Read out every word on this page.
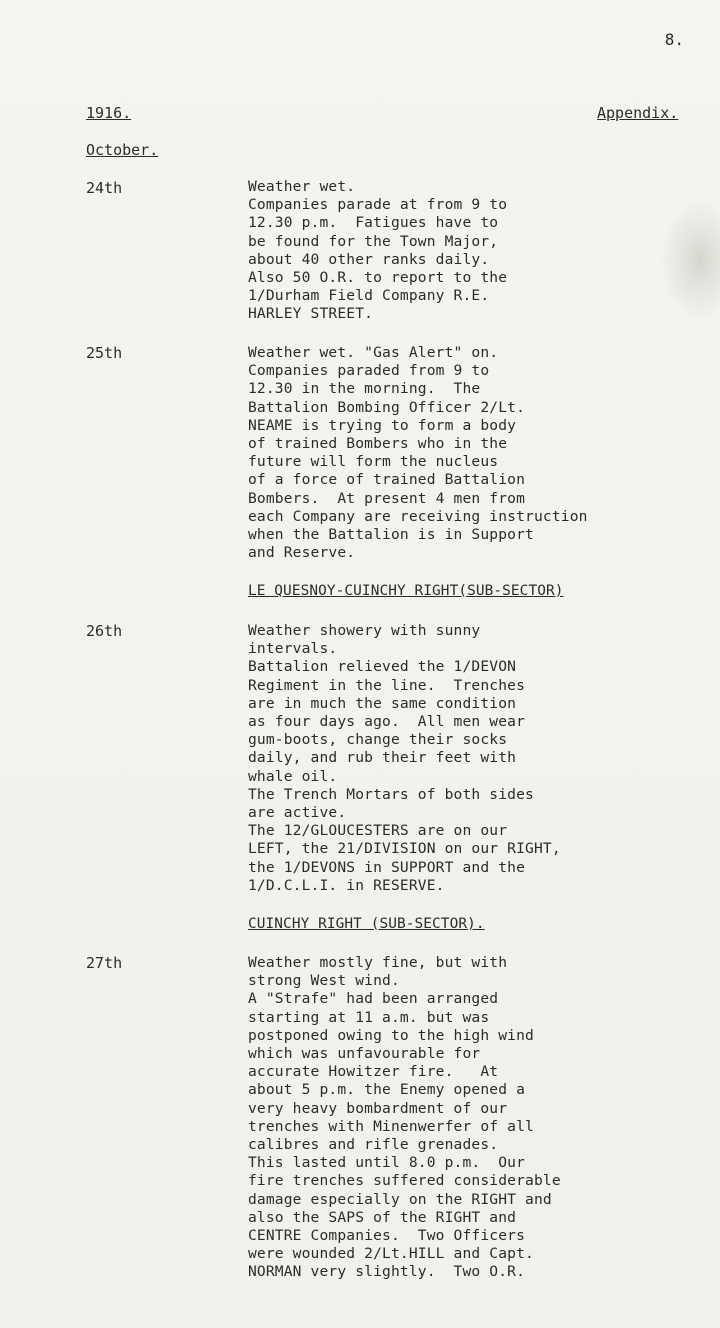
8.
1916.	Appendix.
October.
24th	Weather wet.
Companies parade at from 9 to
12.30 p.m.  Fatigues have to
be found for the Town Major,
about 40 other ranks daily.
Also 50 O.R. to report to the
1/Durham Field Company R.E.
HARLEY STREET.
25th	Weather wet. "Gas Alert" on.
Companies paraded from 9 to
12.30 in the morning.  The
Battalion Bombing Officer 2/Lt.
NEAME is trying to form a body
of trained Bombers who in the
future will form the nucleus
of a force of trained Battalion
Bombers.  At present 4 men from
each Company are receiving instruction
when the Battalion is in Support
and Reserve.
LE QUESNOY-CUINCHY RIGHT(SUB-SECTOR)
26th	Weather showery with sunny
intervals.
Battalion relieved the 1/DEVON
Regiment in the line.  Trenches
are in much the same condition
as four days ago.  All men wear
gum-boots, change their socks
daily, and rub their feet with
whale oil.
The Trench Mortars of both sides
are active.
The 12/GLOUCESTERS are on our
LEFT, the 21/DIVISION on our RIGHT,
the 1/DEVONS in SUPPORT and the
1/D.C.L.I. in RESERVE.
CUINCHY RIGHT (SUB-SECTOR).
27th	Weather mostly fine, but with
strong West wind.
A "Strafe" had been arranged
starting at 11 a.m. but was
postponed owing to the high wind
which was unfavourable for
accurate Howitzer fire.   At
about 5 p.m. the Enemy opened a
very heavy bombardment of our
trenches with Minenwerfer of all
calibres and rifle grenades.
This lasted until 8.0 p.m.  Our
fire trenches suffered considerable
damage especially on the RIGHT and
also the SAPS of the RIGHT and
CENTRE Companies.  Two Officers
were wounded 2/Lt.HILL and Capt.
NORMAN very slightly.  Two O.R.
